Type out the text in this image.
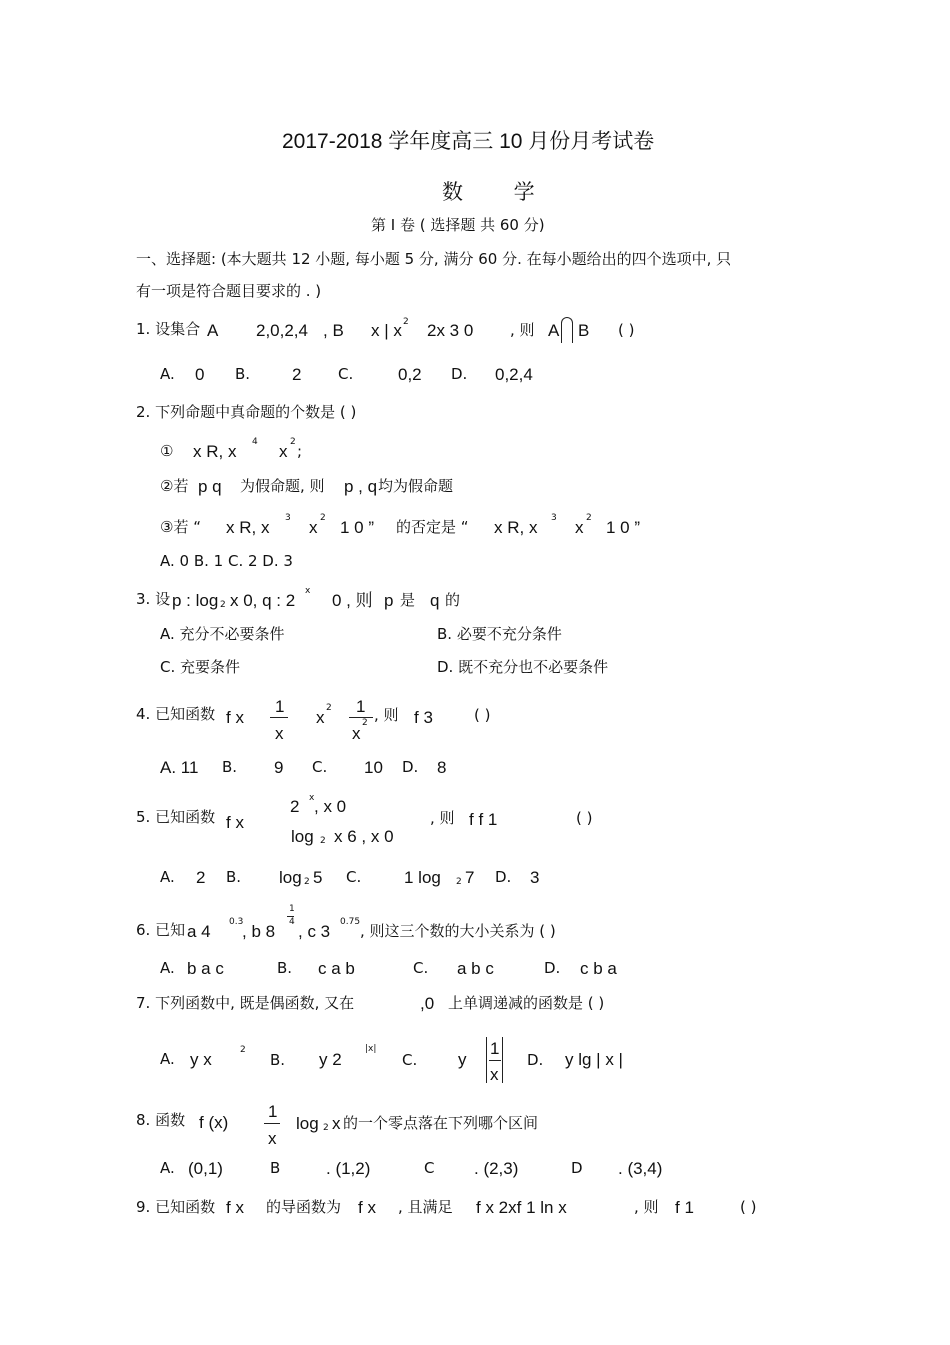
2017-2018 学年度高三 10 月份月考试卷
数 学
第 I 卷 ( 选择题 共 60 分)
一、选择题: (本大题共 12 小题, 每小题 5 分, 满分 60 分. 在每小题给出的四个选项中, 只
有一项是符合题目要求的 . )
1. 设集合 A 2,0,2,4 , B x | x 2 2x 3 0 , 则 A B ( )
A. 0 B. 2 C.	0,2 D. 0,2,4
2. 下列命题中真命题的个数是 ( )
① x R, x 4 x 2 ;
②若 p q 为假命题, 则 p , q 均为假命题
③若 “ x R, x 3 x 2 1 0 ” 的否定是 “ x R, x 3 x 2 1 0 ”
A. 0 B. 1 C. 2 D. 3
3. 设 p : log 2 x 0, q : 2 x 0 , 则 p 是 q 的
A. 充分不必要条件	B. 必要不充分条件
C. 充要条件	D. 既不充分也不必要条件
4. 已知函数 f x
1
x
x 2 1
x
2 , 则 f 3	( )
A. 11 B. 9 C. 10 D. 8
5. 已知函数 f x
2 x , x 0
log 2 x 6 , x 0
, 则 f f 1	( )
A. 2 B. log 2 5 C.	1 log 2 7 D. 3
6. 已知 a 4 0.3
, b 8
1
4 , c 3 0.75 , 则这三个数的大小关系为 ( )
A. b a c	B. c a b	C. a b c	D. c b a
7. 下列函数中, 既是偶函数, 又在	,0 上单调递减的函数是 ( )
A. y x	2
B. y 2
|x|
C. y
1
x
D. y lg | x |
8. 函数 f (x)
1
x
log 2 x 的一个零点落在下列哪个区间
A. (0,1)	B	. (1,2)	C . (2,3)	D . (3,4)
9. 已知函数 f x 的导函数为 f x , 且满足 f x 2xf 1 ln x	, 则 f 1	( )
